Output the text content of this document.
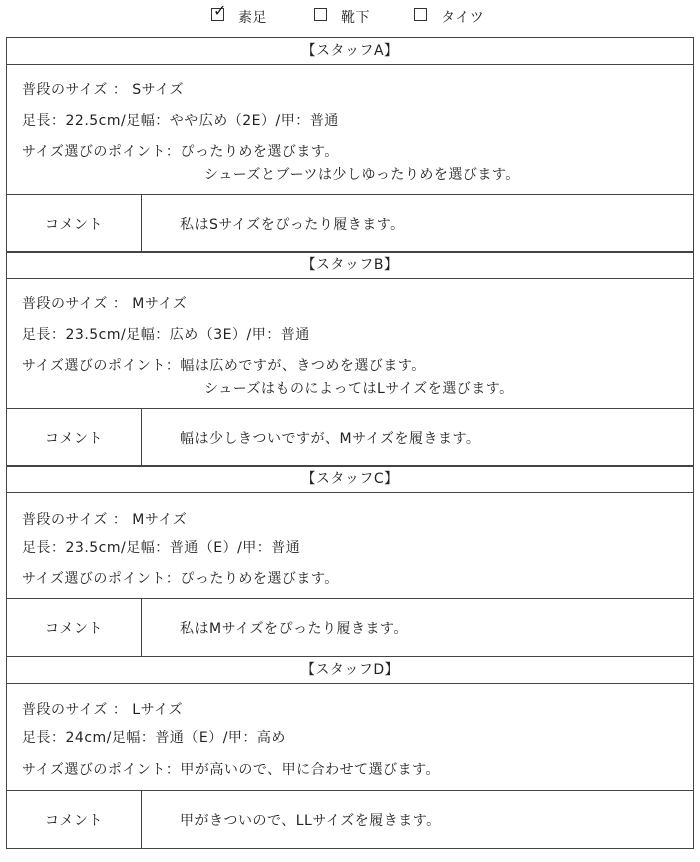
✓ 素足	靴下	タイツ
【スタッフA】
普段のサイズ ： Sサイズ
足長：22.5cm/足幅：やや広め（2E）/甲：普通
サイズ選びのポイント：ぴったりめを選びます。
シューズとブーツは少しゆったりめを選びます。
コメント	私はSサイズをぴったり履きます。
【スタッフB】
普段のサイズ ： Mサイズ
足長：23.5cm/足幅：広め（3E）/甲：普通
サイズ選びのポイント：幅は広めですが、きつめを選びます。
シューズはものによってはLサイズを選びます。
コメント	幅は少しきついですが、Mサイズを履きます。
【スタッフC】
普段のサイズ ： Mサイズ
足長：23.5cm/足幅：普通（E）/甲：普通
サイズ選びのポイント：ぴったりめを選びます。
コメント	私はMサイズをぴったり履きます。
【スタッフD】
普段のサイズ ： Lサイズ
足長：24cm/足幅：普通（E）/甲：高め
サイズ選びのポイント：甲が高いので、甲に合わせて選びます。
コメント	甲がきついので、LLサイズを履きます。
